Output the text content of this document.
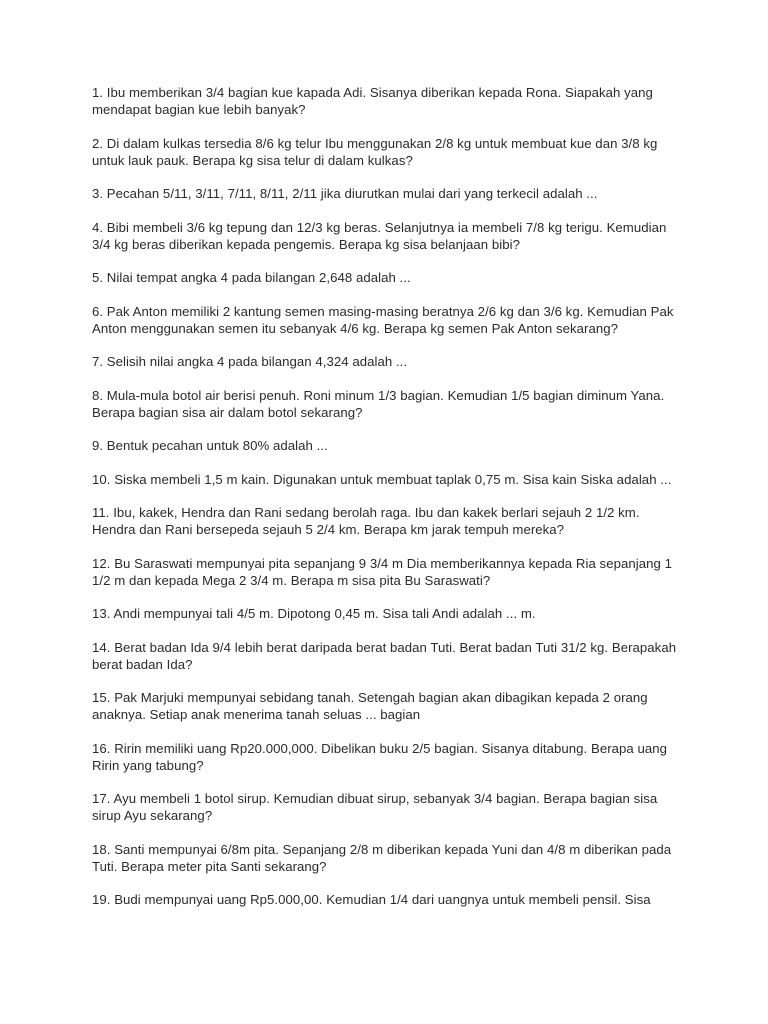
1. Ibu memberikan 3/4 bagian kue kapada Adi. Sisanya diberikan kepada Rona. Siapakah yang mendapat bagian kue lebih banyak?
2. Di dalam kulkas tersedia 8/6 kg telur Ibu menggunakan 2/8 kg untuk membuat kue dan 3/8 kg untuk lauk pauk. Berapa kg sisa telur di dalam kulkas?
3. Pecahan 5/11, 3/11, 7/11, 8/11, 2/11 jika diurutkan mulai dari yang terkecil adalah ...
4. Bibi membeli 3/6 kg tepung dan 12/3 kg beras. Selanjutnya ia membeli 7/8 kg terigu. Kemudian 3/4 kg beras diberikan kepada pengemis. Berapa kg sisa belanjaan bibi?
5. Nilai tempat angka 4 pada bilangan 2,648 adalah ...
6. Pak Anton memiliki 2 kantung semen masing-masing beratnya 2/6 kg dan 3/6 kg. Kemudian Pak Anton menggunakan semen itu sebanyak 4/6 kg. Berapa kg semen Pak Anton sekarang?
7. Selisih nilai angka 4 pada bilangan 4,324 adalah ...
8. Mula-mula botol air berisi penuh. Roni minum 1/3 bagian. Kemudian 1/5 bagian diminum Yana. Berapa bagian sisa air dalam botol sekarang?
9. Bentuk pecahan untuk 80% adalah ...
10. Siska membeli 1,5 m kain. Digunakan untuk membuat taplak 0,75 m. Sisa kain Siska adalah ...
11. Ibu, kakek, Hendra dan Rani sedang berolah raga. Ibu dan kakek berlari sejauh 2 1/2 km. Hendra dan Rani bersepeda sejauh 5 2/4 km. Berapa km jarak tempuh mereka?
12. Bu Saraswati mempunyai pita sepanjang 9 3/4 m Dia memberikannya kepada Ria sepanjang 1 1/2 m dan kepada Mega 2 3/4 m. Berapa m sisa pita Bu Saraswati?
13. Andi mempunyai tali 4/5 m. Dipotong 0,45 m. Sisa tali Andi adalah ... m.
14. Berat badan Ida 9/4 lebih berat daripada berat badan Tuti. Berat badan Tuti 31/2 kg. Berapakah berat badan Ida?
15. Pak Marjuki mempunyai sebidang tanah. Setengah bagian akan dibagikan kepada 2 orang anaknya. Setiap anak menerima tanah seluas ... bagian
16. Ririn memiliki uang Rp20.000,000. Dibelikan buku 2/5 bagian. Sisanya ditabung. Berapa uang Ririn yang tabung?
17. Ayu membeli 1 botol sirup. Kemudian dibuat sirup, sebanyak 3/4 bagian. Berapa bagian sisa sirup Ayu sekarang?
18. Santi mempunyai 6/8m pita. Sepanjang 2/8 m diberikan kepada Yuni dan 4/8 m diberikan pada Tuti. Berapa meter pita Santi sekarang?
19. Budi mempunyai uang Rp5.000,00. Kemudian 1/4 dari uangnya untuk membeli pensil. Sisa
